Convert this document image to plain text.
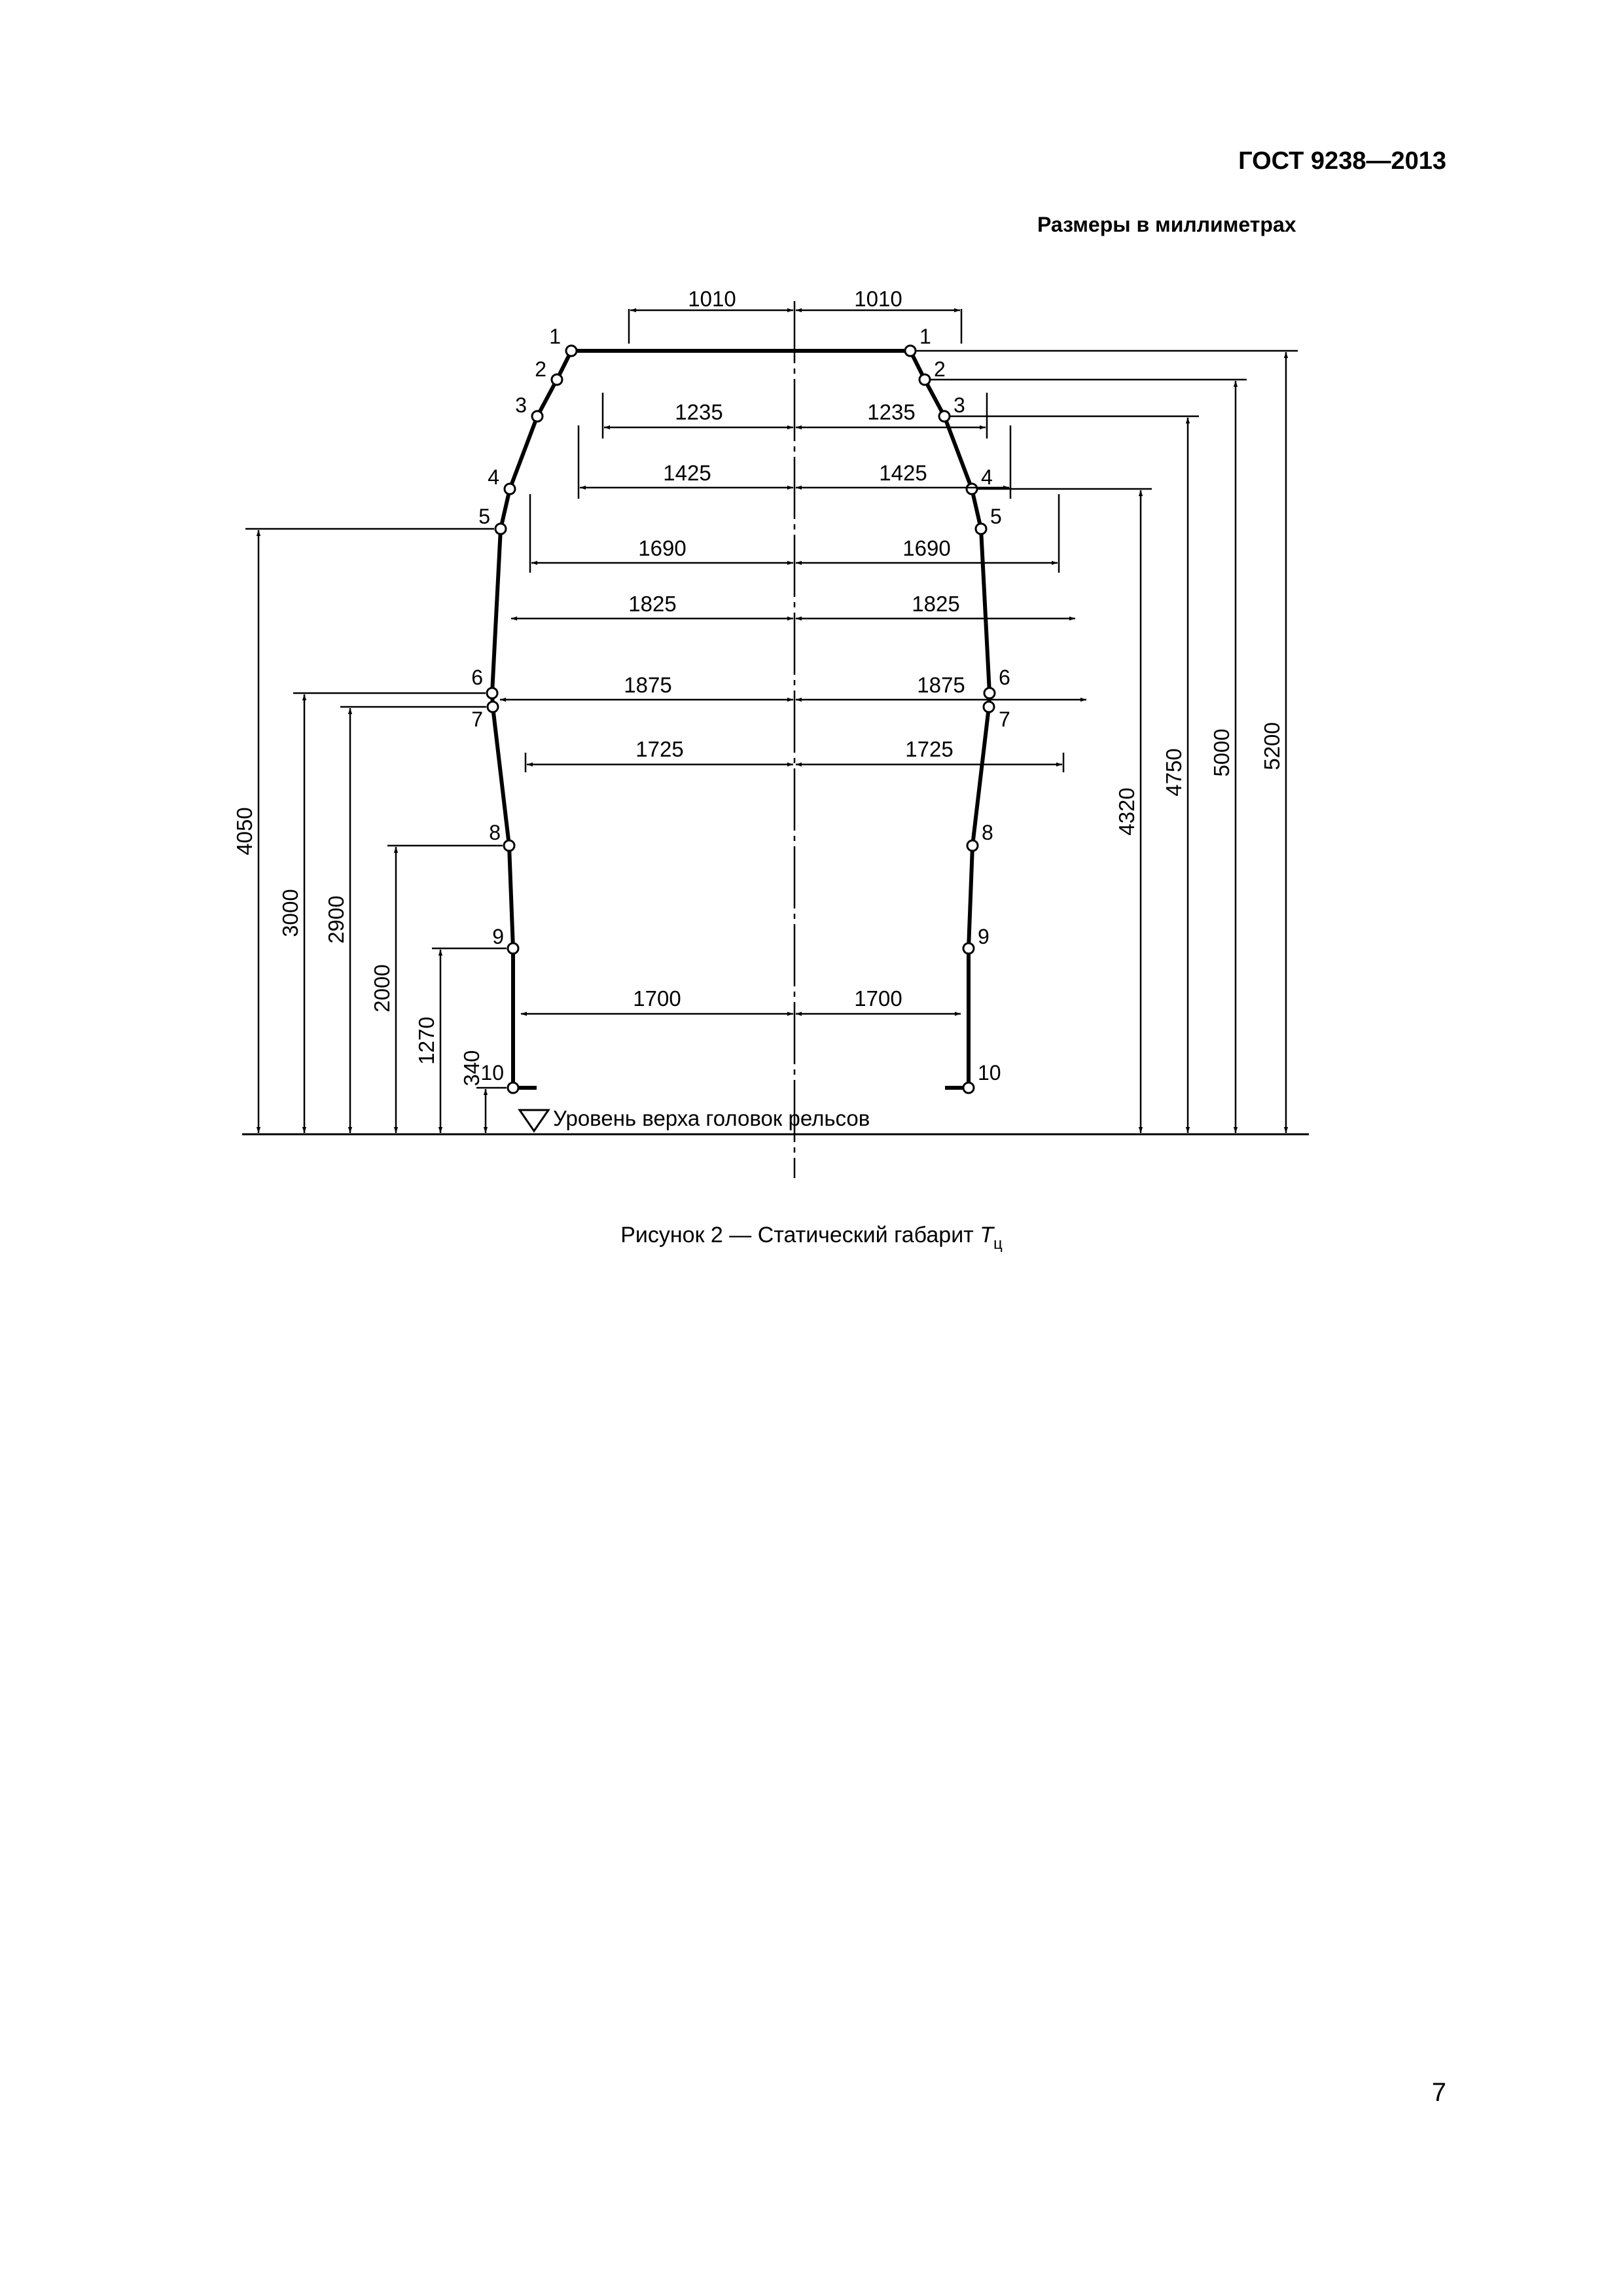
ГОСТ 9238—2013
Размеры в миллиметрах
1
2
3
4
5
6
7
8
9
10
1
2
3
4
5
6
7
8
9
10
1010	1010
1235	1235
1425	1425
1690	1690
1825	1825
1875	1875
1725	1725
1700	1700
4050
3000 2900
2000
1270
340
4320
4750 5000 5200
Уровень верха головок рельсов
Рисунок 2 — Статический габарит $T_ц$
7
